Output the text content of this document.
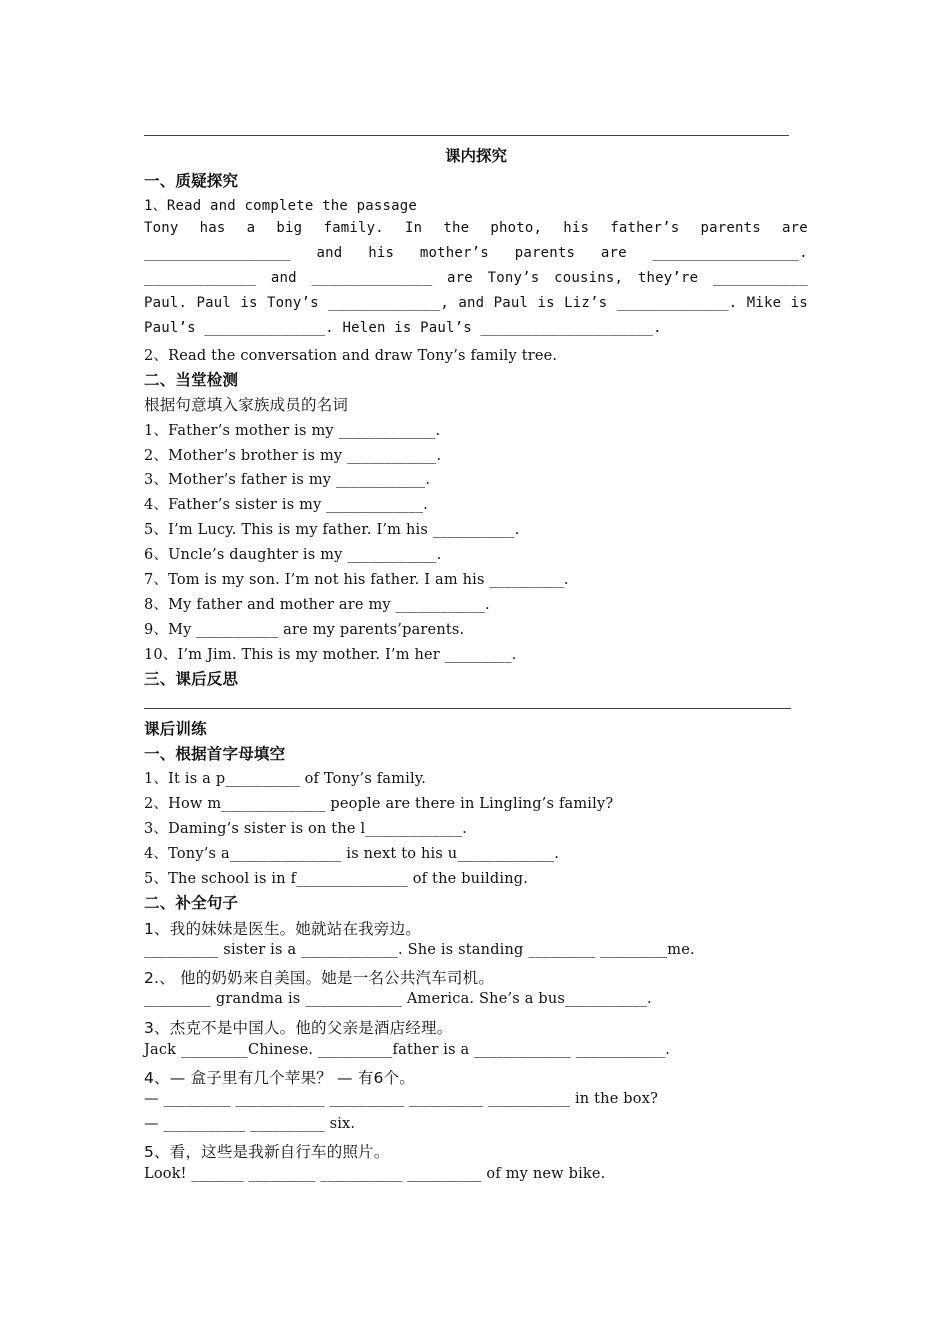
课内探究
一、质疑探究
1、Read and complete the passage
Tony has a big family. In the photo, his father’s parents are
_________________ and his mother’s parents are _________________.
_____________ and ______________ are Tony’s cousins, they’re ___________
Paul. Paul is Tony’s _____________, and Paul is Liz’s _____________. Mike is
Paul’s ______________. Helen is Paul’s ____________________.
2、Read the conversation and draw Tony’s family tree.
二、当堂检测
根据句意填入家族成员的名词
1、Father’s mother is my _____________.
2、Mother’s brother is my ____________.
3、Mother’s father is my ____________.
4、Father’s sister is my _____________.
5、I’m Lucy. This is my father. I’m his ___________.
6、Uncle’s daughter is my ____________.
7、Tom is my son. I’m not his father. I am his __________.
8、My father and mother are my ____________.
9、My ___________ are my parents’parents.
10、I’m Jim. This is my mother. I’m her _________.
三、课后反思
课后训练
一、根据首字母填空
1、It is a p__________ of Tony’s family.
2、How m______________ people are there in Lingling’s family?
3、Daming’s sister is on the l_____________.
4、Tony’s a_______________ is next to his u_____________.
5、The school is in f_______________ of the building.
二、补全句子
1、我的妹妹是医生。她就站在我旁边。
__________ sister is a _____________. She is standing _________ _________me.
2.、 他的奶奶来自美国。她是一名公共汽车司机。
_________ grandma is _____________ America. She’s a bus___________.
3、杰克不是中国人。他的父亲是酒店经理。
Jack _________Chinese. __________father is a _____________ ____________.
4、— 盒子里有几个苹果？ — 有6个。
— _________ ____________ __________ __________ ___________ in the box?
— ___________ __________ six.
5、看，这些是我新自行车的照片。
Look! _______ _________ ___________ __________ of my new bike.
